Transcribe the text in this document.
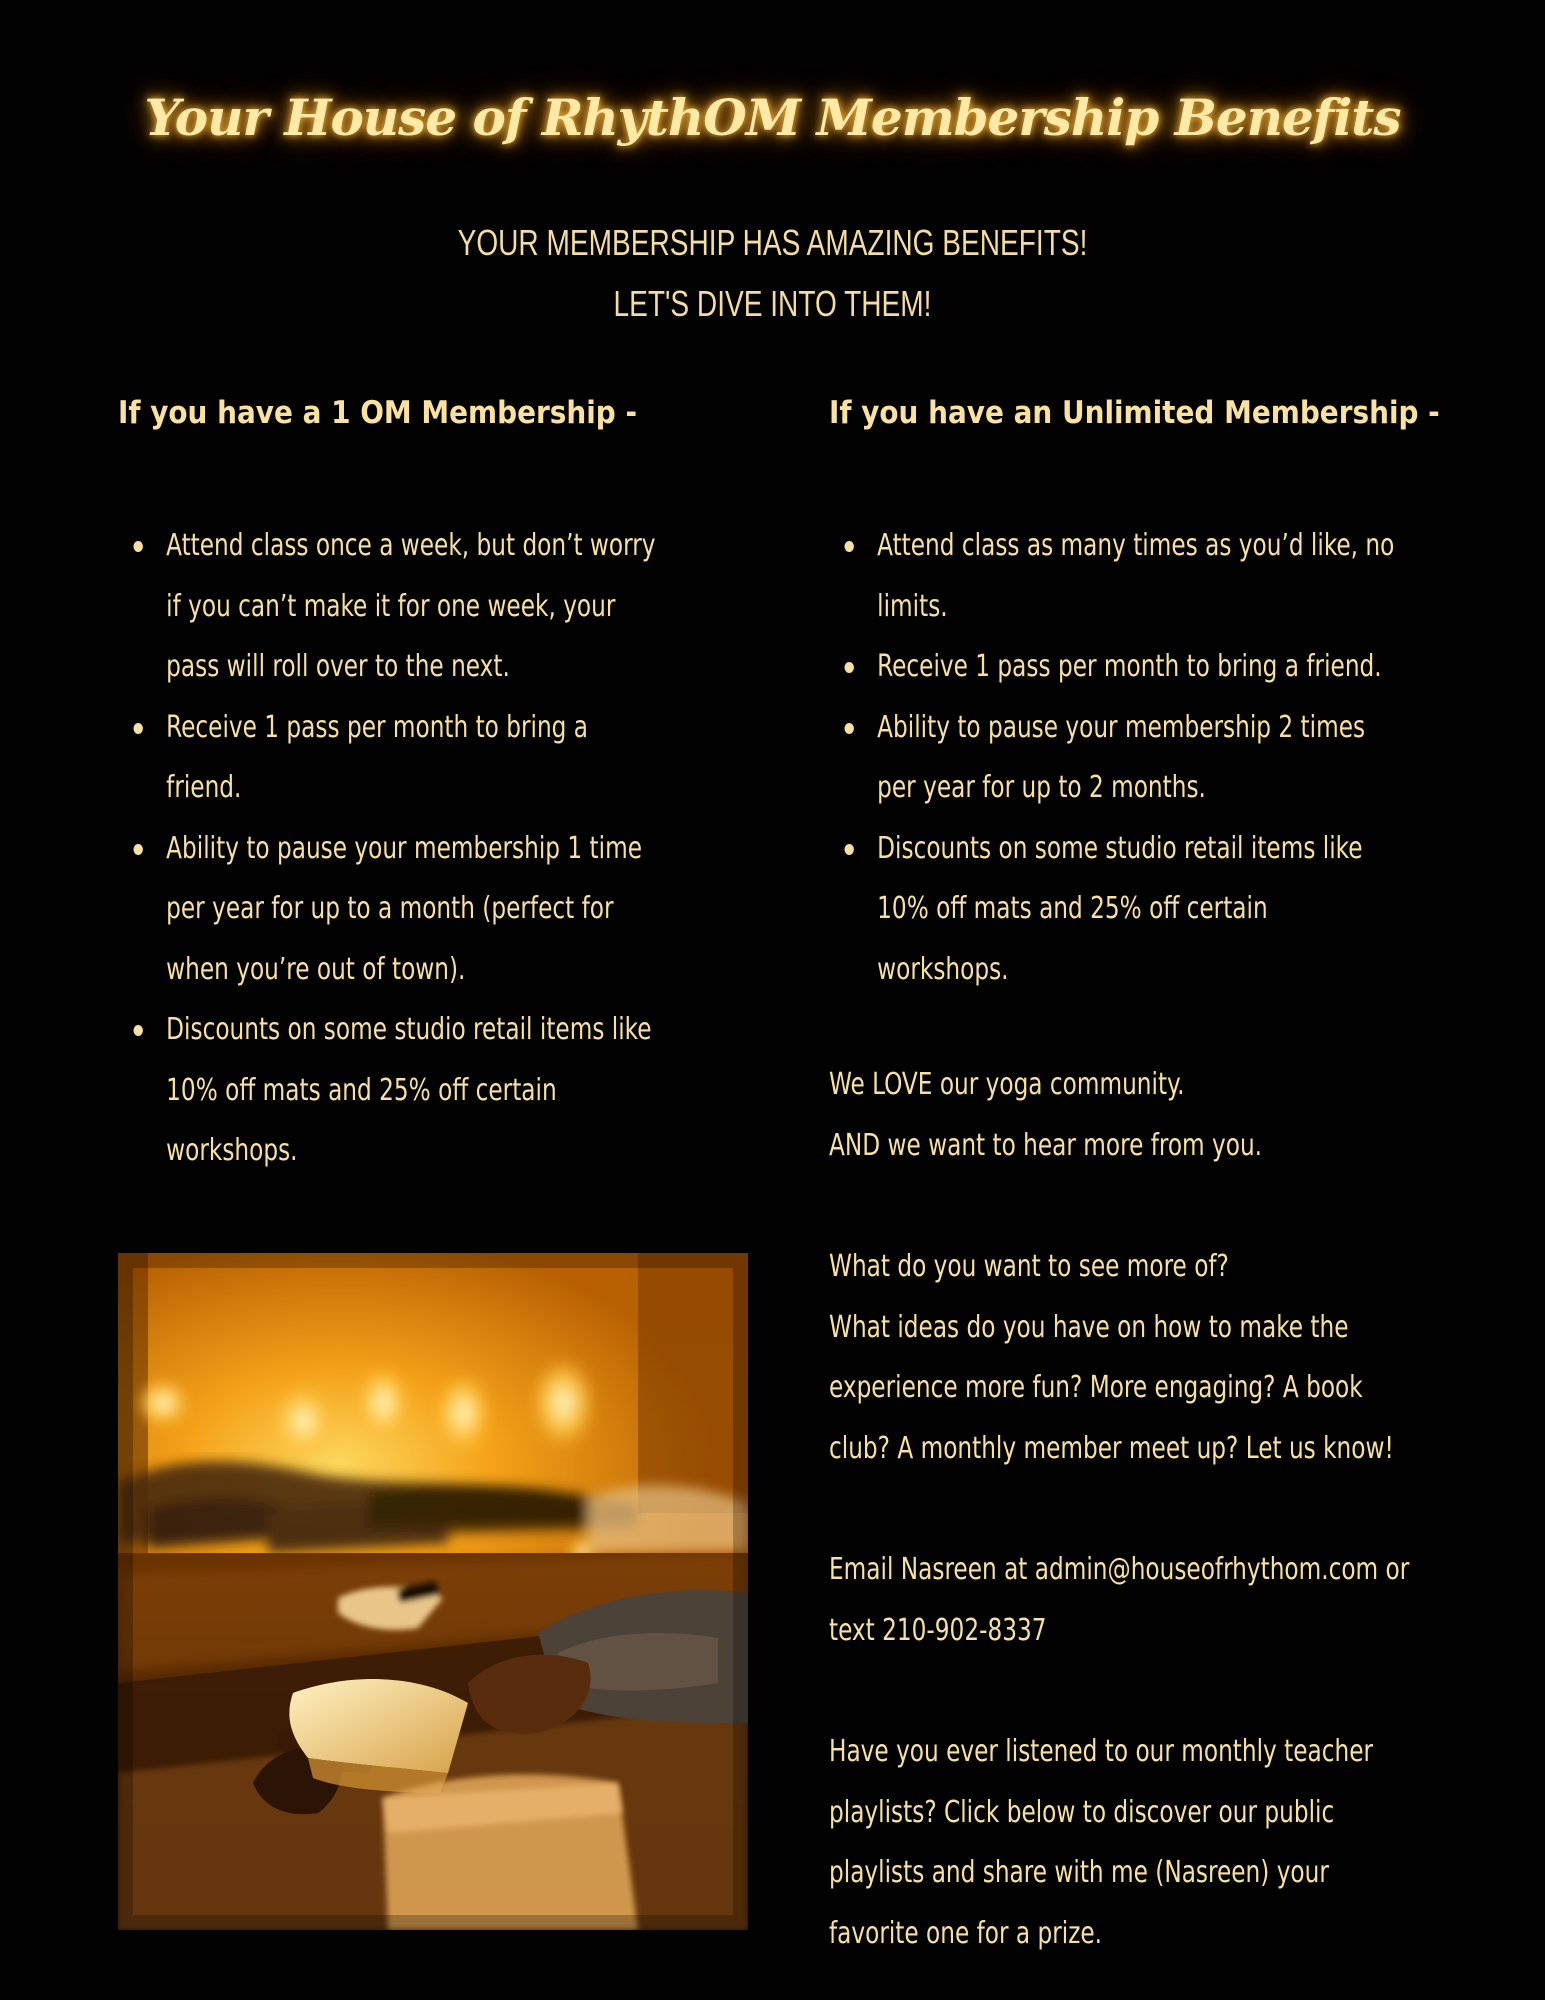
Your House of RhythOM Membership Benefits
YOUR MEMBERSHIP HAS AMAZING BENEFITS!
LET'S DIVE INTO THEM!
If you have a 1 OM Membership -
Attend class once a week, but don’t worry
if you can’t make it for one week, your
pass will roll over to the next.
Receive 1 pass per month to bring a
friend.
Ability to pause your membership 1 time
per year for up to a month (perfect for
when you’re out of town).
Discounts on some studio retail items like
10% off mats and 25% off certain
workshops.
If you have an Unlimited Membership -
Attend class as many times as you’d like, no
limits.
Receive 1 pass per month to bring a friend.
Ability to pause your membership 2 times
per year for up to 2 months.
Discounts on some studio retail items like
10% off mats and 25% off certain
workshops.
We LOVE our yoga community.
AND we want to hear more from you.
What do you want to see more of?
What ideas do you have on how to make the
experience more fun? More engaging? A book
club? A monthly member meet up? Let us know!
Email Nasreen at admin@houseofrhythom.com or
text 210-902-8337
Have you ever listened to our monthly teacher
playlists? Click below to discover our public
playlists and share with me (Nasreen) your
favorite one for a prize.
